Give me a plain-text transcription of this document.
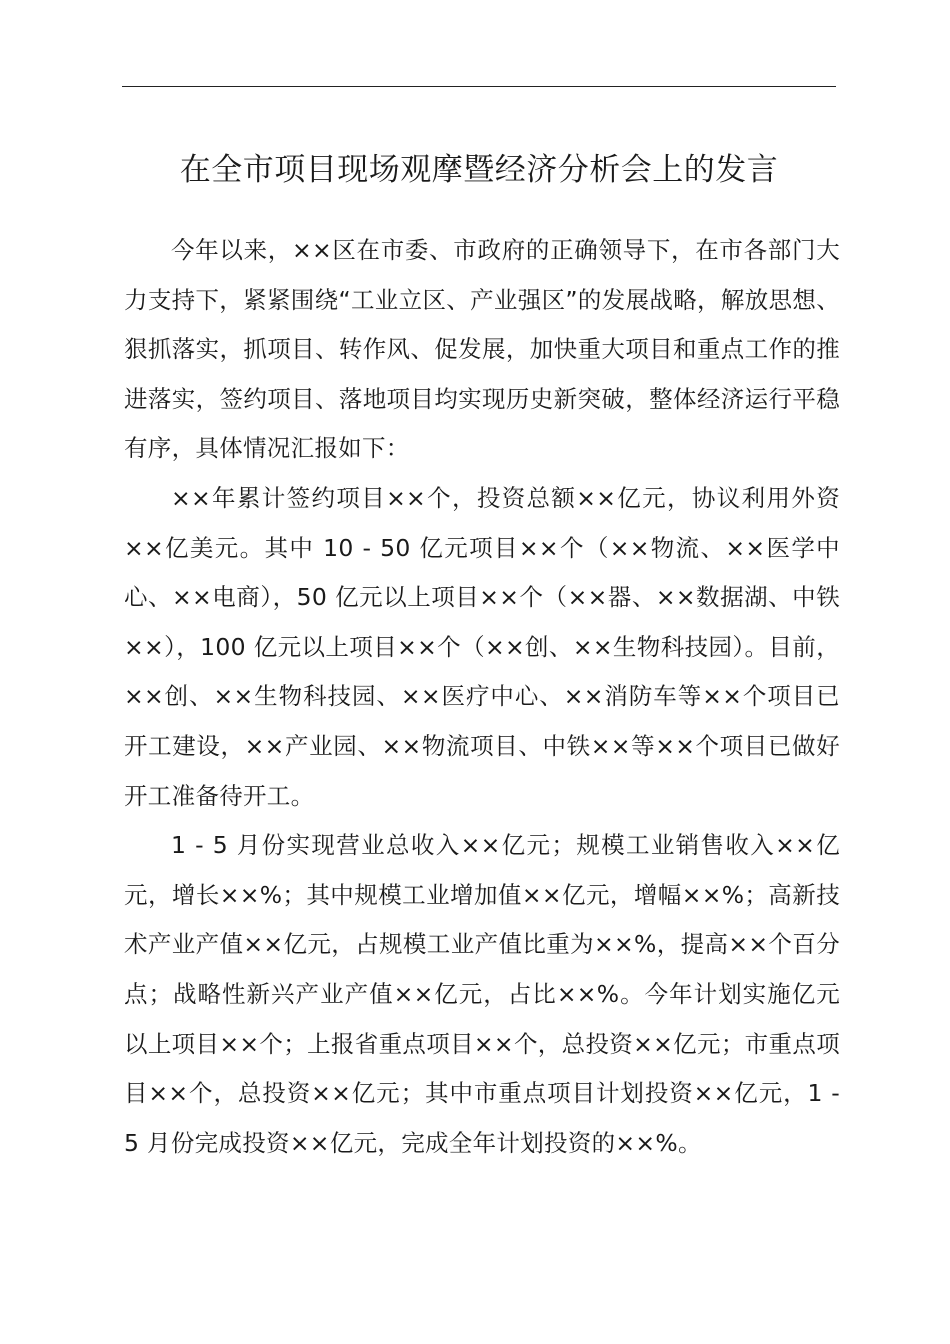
在全市项目现场观摩暨经济分析会上的发言

今年以来，××区在市委、市政府的正确领导下，在市各部门大力支持下，紧紧围绕“工业立区、产业强区”的发展战略，解放思想、狠抓落实，抓项目、转作风、促发展，加快重大项目和重点工作的推进落实，签约项目、落地项目均实现历史新突破，整体经济运行平稳有序，具体情况汇报如下：

××年累计签约项目××个，投资总额××亿元，协议利用外资××亿美元。其中 10 - 50 亿元项目××个（××物流、××医学中心、××电商），50 亿元以上项目××个（××器、××数据湖、中铁××），100 亿元以上项目××个（××创、××生物科技园）。目前，××创、××生物科技园、××医疗中心、××消防车等××个项目已开工建设，××产业园、××物流项目、中铁××等××个项目已做好开工准备待开工。

1 - 5 月份实现营业总收入××亿元；规模工业销售收入××亿元，增长××%；其中规模工业增加值××亿元，增幅××%；高新技术产业产值××亿元，占规模工业产值比重为××%，提高××个百分点；战略性新兴产业产值××亿元，占比××%。今年计划实施亿元以上项目××个；上报省重点项目××个，总投资××亿元；市重点项目××个，总投资××亿元；其中市重点项目计划投资××亿元，1 - 5 月份完成投资××亿元，完成全年计划投资的××%。
